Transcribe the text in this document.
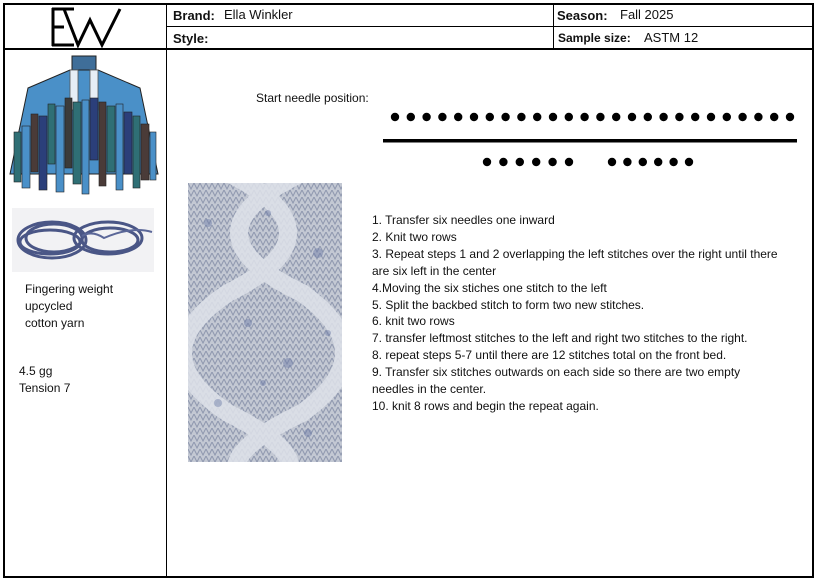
Brand: Ella Winkler	Season: Fall 2025
Style:	Sample size: ASTM 12
Fingering weight
upcycled
cotton yarn
4.5 gg
Tension 7
Start needle position:
1. Transfer six needles one inward
2. Knit two rows
3. Repeat steps 1 and 2 overlapping the left stitches over the right until there are six left in the center
4.Moving the six stiches one stitch to the left
5. Split the backbed stitch to form two new stitches.
6. knit two rows
7. transfer leftmost stitches to the left and right two stitches to the right.
8. repeat steps 5-7 until there are 12 stitches total on the front bed.
9. Transfer six stitches outwards on each side so there are two empty needles in the center.
10. knit 8 rows and begin the repeat again.
